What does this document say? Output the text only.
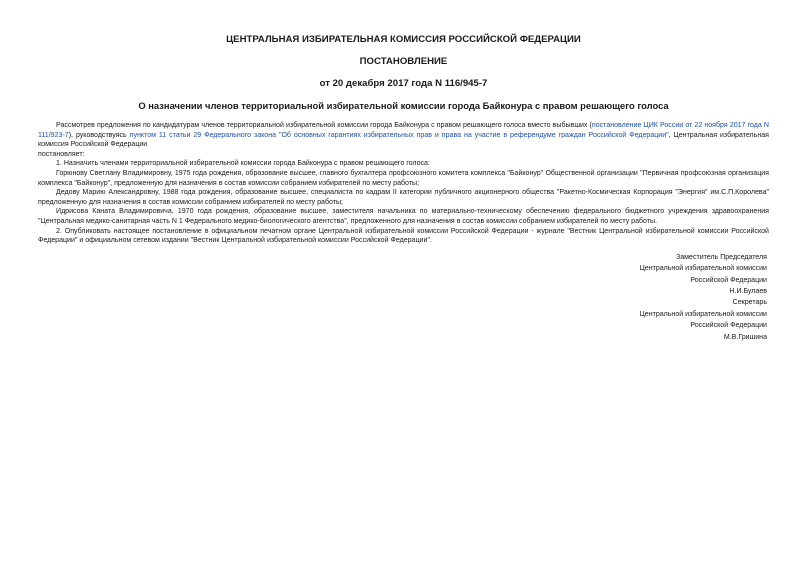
ЦЕНТРАЛЬНАЯ ИЗБИРАТЕЛЬНАЯ КОМИССИЯ РОССИЙСКОЙ ФЕДЕРАЦИИ
ПОСТАНОВЛЕНИЕ
от 20 декабря 2017 года N 116/945-7
О назначении членов территориальной избирательной комиссии города Байконура с правом решающего голоса

Рассмотрев предложения по кандидатурам членов территориальной избирательной комиссии города Байконура с правом решающего голоса вместо выбывших (постановление ЦИК России от 22 ноября 2017 года N 111/923-7), руководствуясь пунктом 11 статьи 29 Федерального закона "Об основных гарантиях избирательных прав и права на участие в референдуме граждан Российской Федерации", Центральная избирательная комиссия Российской Федерации

постановляет:

1. Назначить членами территориальной избирательной комиссии города Байконура с правом решающего голоса:

Горюнову Светлану Владимировну, 1975 года рождения, образование высшее, главного бухгалтера профсоюзного комитета комплекса "Байконур" Общественной организации "Первичная профсоюзная организация комплекса "Байконур", предложенную для назначения в состав комиссии собранием избирателей по месту работы;

Дедову Марию Александровну, 1988 года рождения, образование высшее, специалиста по кадрам II категории публичного акционерного общества "Ракетно-Космическая Корпорация "Энергия" им.С.П.Королева" предложенную для назначения в состав комиссии собранием избирателей по месту работы;

Идрисова Каната Владимировича, 1970 года рождения, образование высшее, заместителя начальника по материально-техническому обеспечению федерального бюджетного учреждения здравоохранения "Центральная медико-санитарная часть N 1 Федерального медико-биологического агентства", предложенного для назначения в состав комиссии собранием избирателей по месту работы.

2. Опубликовать настоящее постановление в официальном печатном органе Центральной избирательной комиссии Российской Федерации - журнале "Вестник Центральной избирательной комиссии Российской Федерации" и официальном сетевом издании "Вестник Центральной избирательной комиссии Российской Федерации".

Заместитель Председателя
Центральной избирательной комиссии
Российской Федерации
Н.И.Булаев
Секретарь
Центральной избирательной комиссии
Российской Федерации
М.В.Гришина
